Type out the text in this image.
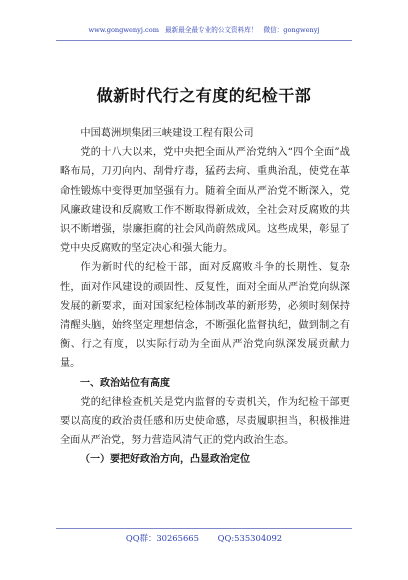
www.gongwenyj.com 最新最全最专业的公文资料库！ 微信：gongwenyj
做新时代行之有度的纪检干部

中国葛洲坝集团三峡建设工程有限公司

党的十八大以来，党中央把全面从严治党纳入“四个全面”战略布局，刀刃向内、刮骨疗毒，猛药去疴、重典治乱，使党在革命性锻炼中变得更加坚强有力。随着全面从严治党不断深入，党风廉政建设和反腐败工作不断取得新成效，全社会对反腐败的共识不断增强，崇廉拒腐的社会风尚蔚然成风。这些成果，彰显了党中央反腐败的坚定决心和强大能力。

作为新时代的纪检干部，面对反腐败斗争的长期性、复杂性，面对作风建设的顽固性、反复性，面对全面从严治党向纵深发展的新要求，面对国家纪检体制改革的新形势，必须时刻保持清醒头脑，始终坚定理想信念，不断强化监督执纪，做到制之有衡、行之有度，以实际行动为全面从严治党向纵深发展贡献力量。

一、政治站位有高度

党的纪律检查机关是党内监督的专责机关，作为纪检干部更要以高度的政治责任感和历史使命感，尽责履职担当，积极推进全面从严治党，努力营造风清气正的党内政治生态。

（一）要把好政治方向，凸显政治定位

QQ群：30265665 QQ:535304092
